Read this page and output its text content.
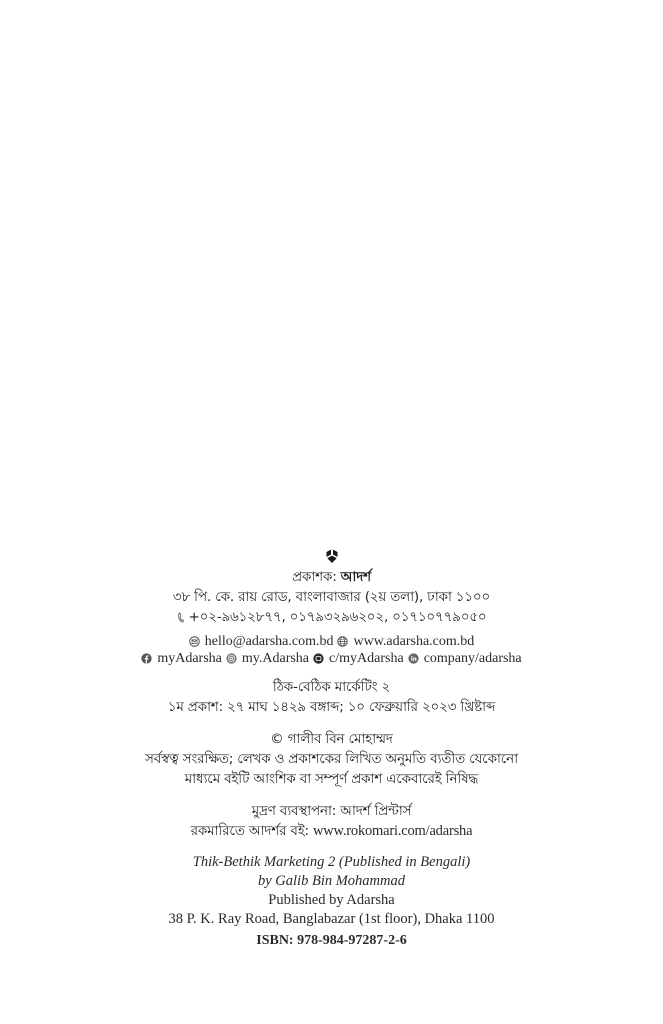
প্রকাশক: আদর্শ
৩৮ পি. কে. রায় রোড, বাংলাবাজার (২য় তলা), ঢাকা ১১০০
+০২-৯৬১২৮৭৭, ০১৭৯৩২৯৬২০২, ০১৭১০৭৭৯০৫০
hello@adarsha.com.bd www.adarsha.com.bd
myAdarsha my.Adarsha c/myAdarsha company/adarsha
ঠিক-বেঠিক মার্কেটিং ২
১ম প্রকাশ: ২৭ মাঘ ১৪২৯ বঙ্গাব্দ; ১০ ফেব্রুয়ারি ২০২৩ খ্রিষ্টাব্দ
© গালীব বিন মোহাম্মদ
সর্বস্বত্ব সংরক্ষিত; লেখক ও প্রকাশকের লিখিত অনুমতি ব্যতীত যেকোনো
মাধ্যমে বইটি আংশিক বা সম্পূর্ণ প্রকাশ একেবারেই নিষিদ্ধ
মুদ্রণ ব্যবস্থাপনা: আদর্শ প্রিন্টার্স
রকমারিতে আদর্শর বই: www.rokomari.com/adarsha
Thik-Bethik Marketing 2 (Published in Bengali)
by Galib Bin Mohammad
Published by Adarsha
38 P. K. Ray Road, Banglabazar (1st floor), Dhaka 1100
ISBN: 978-984-97287-2-6
